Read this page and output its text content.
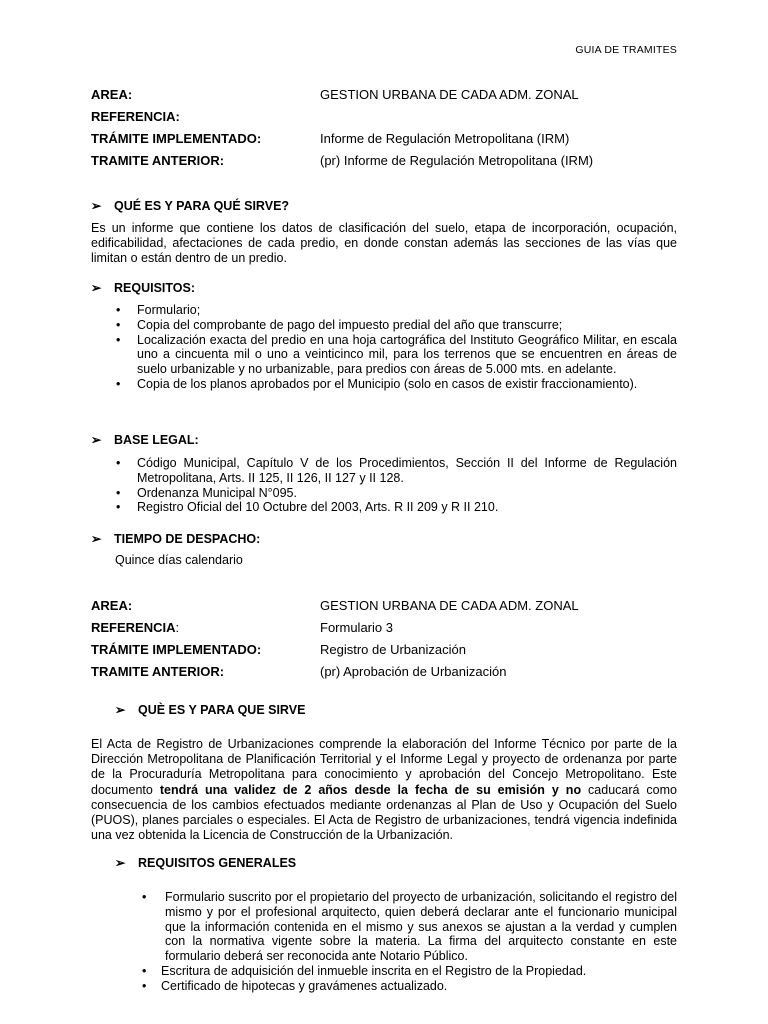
GUIA DE TRAMITES
AREA:	GESTION URBANA DE CADA ADM. ZONAL
REFERENCIA:
TRÁMITE IMPLEMENTADO:	Informe de Regulación Metropolitana (IRM)
TRAMITE ANTERIOR:	(pr) Informe de Regulación Metropolitana (IRM)
➢ QUÉ ES Y PARA QUÉ SIRVE?
Es un informe que contiene los datos de clasificación del suelo, etapa de incorporación, ocupación, edificabilidad, afectaciones de cada predio, en donde constan además las secciones de las vías que limitan o están dentro de un predio.
➢ REQUISITOS:
• Formulario;
• Copia del comprobante de pago del impuesto predial del año que transcurre;
• Localización exacta del predio en una hoja cartográfica del Instituto Geográfico Militar, en escala uno a cincuenta mil o uno a veinticinco mil, para los terrenos que se encuentren en áreas de suelo urbanizable y no urbanizable, para predios con áreas de 5.000 mts. en adelante.
• Copia de los planos aprobados por el Municipio (solo en casos de existir fraccionamiento).
➢ BASE LEGAL:
• Código Municipal, Capítulo V de los Procedimientos, Sección II del Informe de Regulación Metropolitana, Arts. II 125, II 126, II 127 y II 128.
• Ordenanza Municipal N°095.
• Registro Oficial del 10 Octubre del 2003, Arts. R II 209 y R II 210.
➢ TIEMPO DE DESPACHO:
Quince días calendario
AREA:	GESTION URBANA DE CADA ADM. ZONAL
REFERENCIA:	Formulario 3
TRÁMITE IMPLEMENTADO:	Registro de Urbanización
TRAMITE ANTERIOR:	(pr) Aprobación de Urbanización
➢ QUÈ ES Y PARA QUE SIRVE
El Acta de Registro de Urbanizaciones comprende la elaboración del Informe Técnico por parte de la Dirección Metropolitana de Planificación Territorial y el Informe Legal y proyecto de ordenanza por parte de la Procuraduría Metropolitana para conocimiento y aprobación del Concejo Metropolitano. Este documento tendrá una validez de 2 años desde la fecha de su emisión y no caducará como consecuencia de los cambios efectuados mediante ordenanzas al Plan de Uso y Ocupación del Suelo (PUOS), planes parciales o especiales. El Acta de Registro de urbanizaciones, tendrá vigencia indefinida una vez obtenida la Licencia de Construcción de la Urbanización.
➢ REQUISITOS GENERALES
• Formulario suscrito por el propietario del proyecto de urbanización, solicitando el registro del mismo y por el profesional arquitecto, quien deberá declarar ante el funcionario municipal que la información contenida en el mismo y sus anexos se ajustan a la verdad y cumplen con la normativa vigente sobre la materia. La firma del arquitecto constante en este formulario deberá ser reconocida ante Notario Público.
• Escritura de adquisición del inmueble inscrita en el Registro de la Propiedad.
• Certificado de hipotecas y gravámenes actualizado.
